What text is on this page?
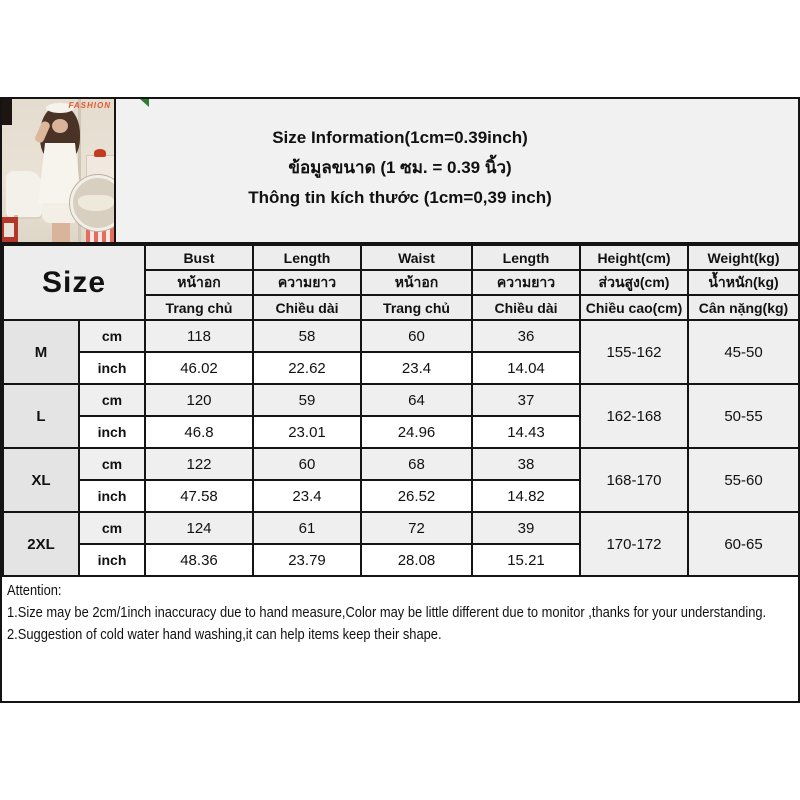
Size Information(1cm=0.39inch)
ข้อมูลขนาด (1 ซม. = 0.39 นิ้ว)
Thông tin kích thước (1cm=0,39 inch)
FASHION
Size		Bust	Length	Waist	Length	Height(cm)	Weight(kg)
		หน้าอก	ความยาว	หน้าอก	ความยาว	ส่วนสูง(cm)	น้ำหนัก(kg)
		Trang chủ	Chiều dài	Trang chủ	Chiều dài	Chiều cao(cm)	Cân nặng(kg)
M	cm	118	58	60	36	155-162	45-50
	inch	46.02	22.62	23.4	14.04		
L	cm	120	59	64	37	162-168	50-55
	inch	46.8	23.01	24.96	14.43		
XL	cm	122	60	68	38	168-170	55-60
	inch	47.58	23.4	26.52	14.82		
2XL	cm	124	61	72	39	170-172	60-65
	inch	48.36	23.79	28.08	15.21		
Attention:
1.Size may be 2cm/1inch inaccuracy due to hand measure,Color may be little different due to monitor ,thanks for your understanding.
2.Suggestion of cold water hand washing,it can help items keep their shape.
